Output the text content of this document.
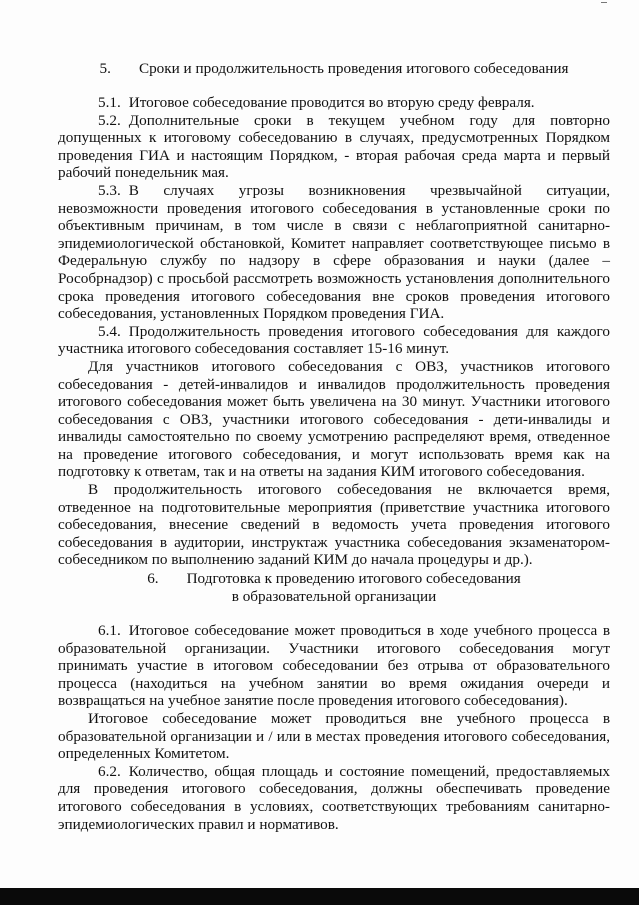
5. Сроки и продолжительность проведения итогового собеседования

5.1. Итоговое собеседование проводится во вторую среду февраля.

5.2. Дополнительные сроки в текущем учебном году для повторно допущенных к итоговому собеседованию в случаях, предусмотренных Порядком проведения ГИА и настоящим Порядком, - вторая рабочая среда марта и первый рабочий понедельник мая.

5.3. В случаях угрозы возникновения чрезвычайной ситуации, невозможности проведения итогового собеседования в установленные сроки по объективным причинам, в том числе в связи с неблагоприятной санитарно-эпидемиологической обстановкой, Комитет направляет соответствующее письмо в Федеральную службу по надзору в сфере образования и науки (далее – Рособрнадзор) с просьбой рассмотреть возможность установления дополнительного срока проведения итогового собеседования вне сроков проведения итогового собеседования, установленных Порядком проведения ГИА.

5.4. Продолжительность проведения итогового собеседования для каждого участника итогового собеседования составляет 15-16 минут.

Для участников итогового собеседования с ОВЗ, участников итогового собеседования - детей-инвалидов и инвалидов продолжительность проведения итогового собеседования может быть увеличена на 30 минут. Участники итогового собеседования с ОВЗ, участники итогового собеседования - дети-инвалиды и инвалиды самостоятельно по своему усмотрению распределяют время, отведенное на проведение итогового собеседования, и могут использовать время как на подготовку к ответам, так и на ответы на задания КИМ итогового собеседования.

В продолжительность итогового собеседования не включается время, отведенное на подготовительные мероприятия (приветствие участника итогового собеседования, внесение сведений в ведомость учета проведения итогового собеседования в аудитории, инструктаж участника собеседования экзаменатором-собеседником по выполнению заданий КИМ до начала процедуры и др.).

6. Подготовка к проведению итогового собеседования
в образовательной организации

6.1. Итоговое собеседование может проводиться в ходе учебного процесса в образовательной организации. Участники итогового собеседования могут принимать участие в итоговом собеседовании без отрыва от образовательного процесса (находиться на учебном занятии во время ожидания очереди и возвращаться на учебное занятие после проведения итогового собеседования).

Итоговое собеседование может проводиться вне учебного процесса в образовательной организации и / или в местах проведения итогового собеседования, определенных Комитетом.

6.2. Количество, общая площадь и состояние помещений, предоставляемых для проведения итогового собеседования, должны обеспечивать проведение итогового собеседования в условиях, соответствующих требованиям санитарно-эпидемиологических правил и нормативов.
